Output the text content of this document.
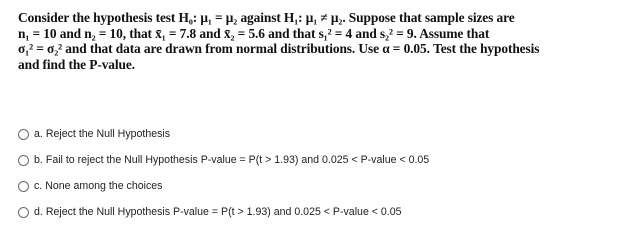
Consider the hypothesis test H₀: μ₁ = μ₂ against H₁: μ₁ ≠ μ₂. Suppose that sample sizes are
n₁ = 10 and n₂ = 10, that x̄₁ = 7.8 and x̄₂ = 5.6 and that s₁² = 4 and s₂² = 9. Assume that
σ₁² = σ₂² and that data are drawn from normal distributions. Use α = 0.05. Test the hypothesis
and find the P-value.
a. Reject the Null Hypothesis
b. Fail to reject the Null Hypothesis P-value = P(t > 1.93) and 0.025 < P-value < 0.05
c. None among the choices
d. Reject the Null Hypothesis P-value = P(t > 1.93) and 0.025 < P-value < 0.05
